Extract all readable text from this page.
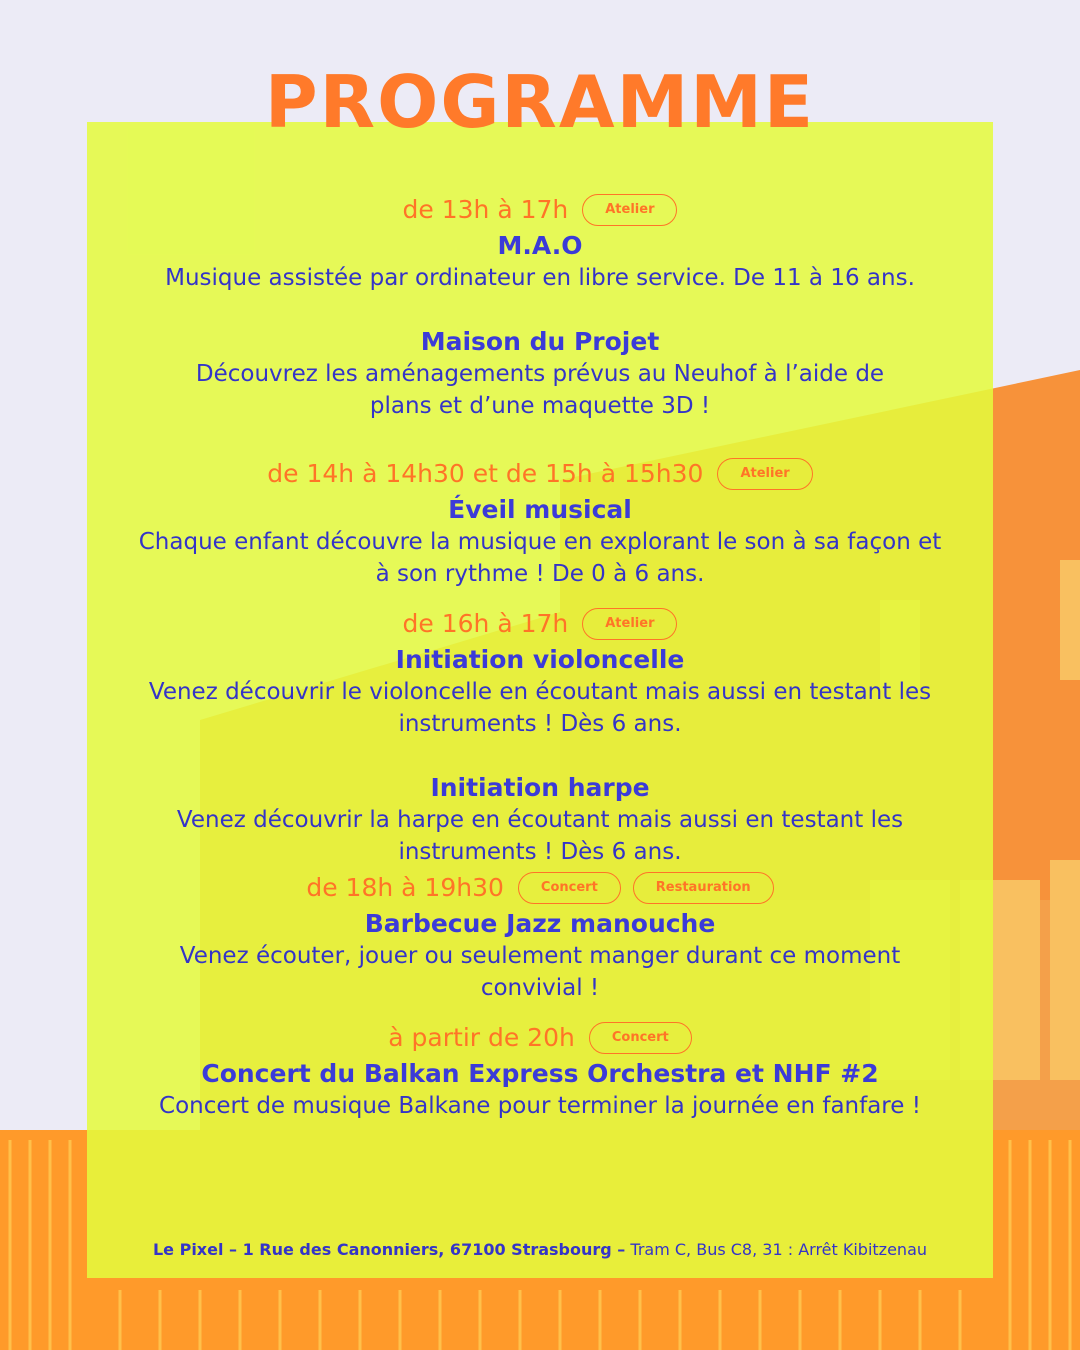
PROGRAMME
de 13h à 17h	Atelier
M.A.O
Musique assistée par ordinateur en libre service. De 11 à 16 ans.
Maison du Projet
Découvrez les aménagements prévus au Neuhof à l’aide de
plans et d’une maquette 3D !
de 14h à 14h30 et de 15h à 15h30	Atelier
Éveil musical
Chaque enfant découvre la musique en explorant le son à sa façon et
à son rythme ! De 0 à 6 ans.
de 16h à 17h	Atelier
Initiation violoncelle
Venez découvrir le violoncelle en écoutant mais aussi en testant les
instruments ! Dès 6 ans.
Initiation harpe
Venez découvrir la harpe en écoutant mais aussi en testant les
instruments ! Dès 6 ans.
de 18h à 19h30	Concert	Restauration
Barbecue Jazz manouche
Venez écouter, jouer ou seulement manger durant ce moment
convivial !
à partir de 20h	Concert
Concert du Balkan Express Orchestra et NHF #2
Concert de musique Balkane pour terminer la journée en fanfare !
Le Pixel – 1 Rue des Canonniers, 67100 Strasbourg – Tram C, Bus C8, 31 : Arrêt Kibitzenau
